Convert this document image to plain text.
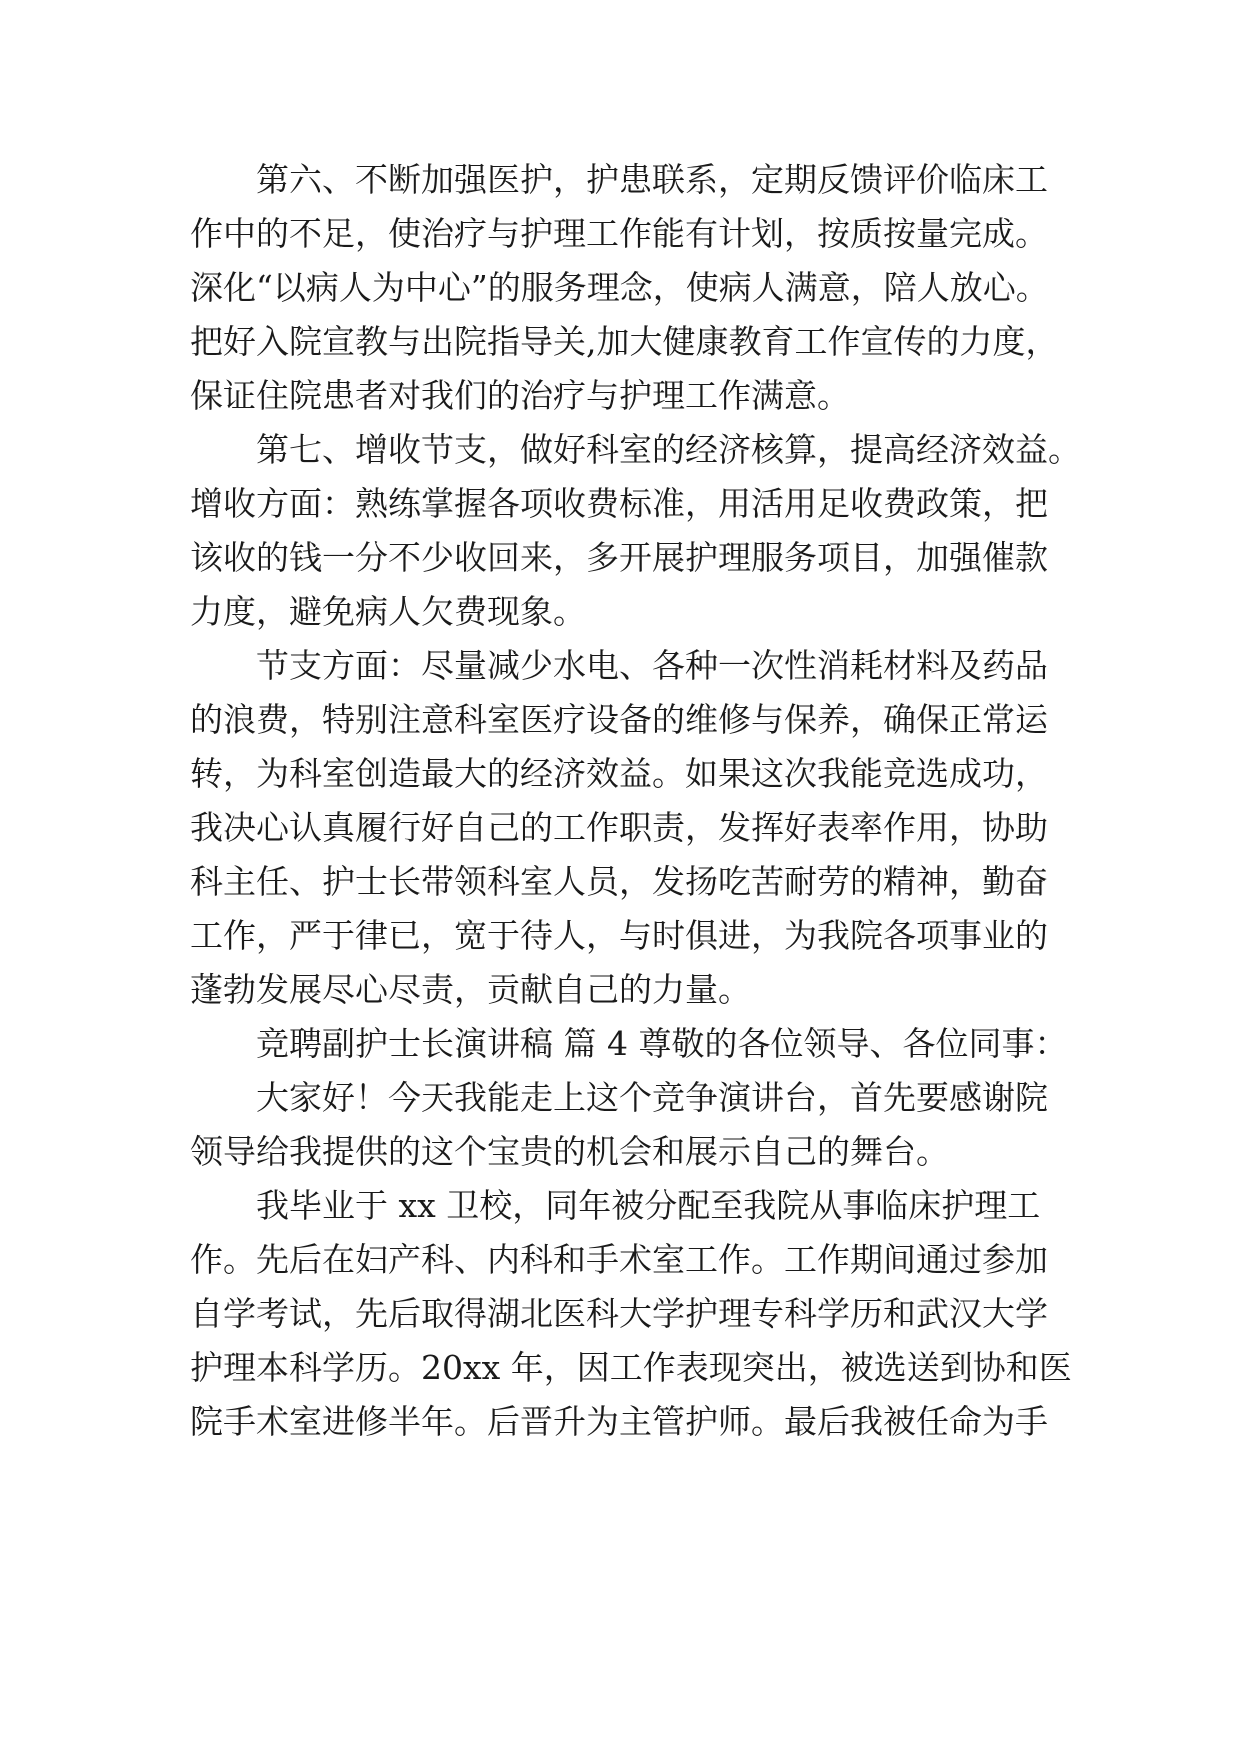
第六、不断加强医护，护患联系，定期反馈评价临床工
作中的不足，使治疗与护理工作能有计划，按质按量完成。
深化“以病人为中心”的服务理念，使病人满意，陪人放心。
把好入院宣教与出院指导关,加大健康教育工作宣传的力度，
保证住院患者对我们的治疗与护理工作满意。
第七、增收节支，做好科室的经济核算，提高经济效益。
增收方面：熟练掌握各项收费标准，用活用足收费政策，把
该收的钱一分不少收回来，多开展护理服务项目，加强催款
力度，避免病人欠费现象。
节支方面：尽量减少水电、各种一次性消耗材料及药品
的浪费，特别注意科室医疗设备的维修与保养，确保正常运
转，为科室创造最大的经济效益。如果这次我能竞选成功，
我决心认真履行好自己的工作职责，发挥好表率作用，协助
科主任、护士长带领科室人员，发扬吃苦耐劳的精神，勤奋
工作，严于律已，宽于待人，与时俱进，为我院各项事业的
蓬勃发展尽心尽责，贡献自己的力量。
竞聘副护士长演讲稿 篇 4 尊敬的各位领导、各位同事：
大家好！今天我能走上这个竞争演讲台，首先要感谢院
领导给我提供的这个宝贵的机会和展示自己的舞台。
我毕业于 xx 卫校，同年被分配至我院从事临床护理工
作。先后在妇产科、内科和手术室工作。工作期间通过参加
自学考试，先后取得湖北医科大学护理专科学历和武汉大学
护理本科学历。20xx 年，因工作表现突出，被选送到协和医
院手术室进修半年。后晋升为主管护师。最后我被任命为手
